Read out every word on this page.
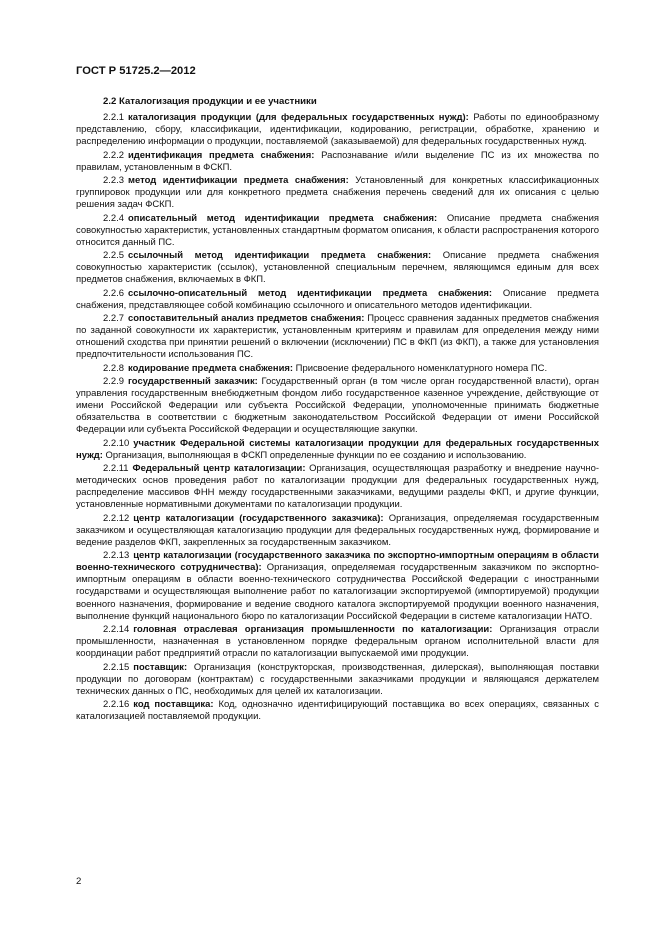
ГОСТ Р 51725.2—2012
2.2 Каталогизация продукции и ее участники

2.2.1 каталогизация продукции (для федеральных государственных нужд): Работы по единообразному представлению, сбору, классификации, идентификации, кодированию, регистрации, обработке, хранению и распределению информации о продукции, поставляемой (заказываемой) для федеральных государственных нужд.

2.2.2 идентификация предмета снабжения: Распознавание и/или выделение ПС из их множества по правилам, установленным в ФСКП.

2.2.3 метод идентификации предмета снабжения: Установленный для конкретных классификационных группировок продукции или для конкретного предмета снабжения перечень сведений для их описания с целью решения задач ФСКП.

2.2.4 описательный метод идентификации предмета снабжения: Описание предмета снабжения совокупностью характеристик, установленных стандартным форматом описания, к области распространения которого относится данный ПС.

2.2.5 ссылочный метод идентификации предмета снабжения: Описание предмета снабжения совокупностью характеристик (ссылок), установленной специальным перечнем, являющимся единым для всех предметов снабжения, включаемых в ФКП.

2.2.6 ссылочно-описательный метод идентификации предмета снабжения: Описание предмета снабжения, представляющее собой комбинацию ссылочного и описательного методов идентификации.

2.2.7 сопоставительный анализ предметов снабжения: Процесс сравнения заданных предметов снабжения по заданной совокупности их характеристик, установленным критериям и правилам для определения между ними отношений сходства при принятии решений о включении (исключении) ПС в ФКП (из ФКП), а также для установления предпочтительности использования ПС.

2.2.8 кодирование предмета снабжения: Присвоение федерального номенклатурного номера ПС.

2.2.9 государственный заказчик: Государственный орган (в том числе орган государственной власти), орган управления государственным внебюджетным фондом либо государственное казенное учреждение, действующие от имени Российской Федерации или субъекта Российской Федерации, уполномоченные принимать бюджетные обязательства в соответствии с бюджетным законодательством Российской Федерации от имени Российской Федерации или субъекта Российской Федерации и осуществляющие закупки.

2.2.10 участник Федеральной системы каталогизации продукции для федеральных государственных нужд: Организация, выполняющая в ФСКП определенные функции по ее созданию и использованию.

2.2.11 Федеральный центр каталогизации: Организация, осуществляющая разработку и внедрение научно-методических основ проведения работ по каталогизации продукции для федеральных государственных нужд, распределение массивов ФНН между государственными заказчиками, ведущими разделы ФКП, и другие функции, установленные нормативными документами по каталогизации продукции.

2.2.12 центр каталогизации (государственного заказчика): Организация, определяемая государственным заказчиком и осуществляющая каталогизацию продукции для федеральных государственных нужд, формирование и ведение разделов ФКП, закрепленных за государственным заказчиком.

2.2.13 центр каталогизации (государственного заказчика по экспортно-импортным операциям в области военно-технического сотрудничества): Организация, определяемая государственным заказчиком по экспортно-импортным операциям в области военно-технического сотрудничества Российской Федерации с иностранными государствами и осуществляющая выполнение работ по каталогизации экспортируемой (импортируемой) продукции военного назначения, формирование и ведение сводного каталога экспортируемой продукции военного назначения, выполнение функций национального бюро по каталогизации Российской Федерации в системе каталогизации НАТО.

2.2.14 головная отраслевая организация промышленности по каталогизации: Организация отрасли промышленности, назначенная в установленном порядке федеральным органом исполнительной власти для координации работ предприятий отрасли по каталогизации выпускаемой ими продукции.

2.2.15 поставщик: Организация (конструкторская, производственная, дилерская), выполняющая поставки продукции по договорам (контрактам) с государственными заказчиками продукции и являющаяся держателем технических данных о ПС, необходимых для целей их каталогизации.

2.2.16 код поставщика: Код, однозначно идентифицирующий поставщика во всех операциях, связанных с каталогизацией поставляемой продукции.

2
